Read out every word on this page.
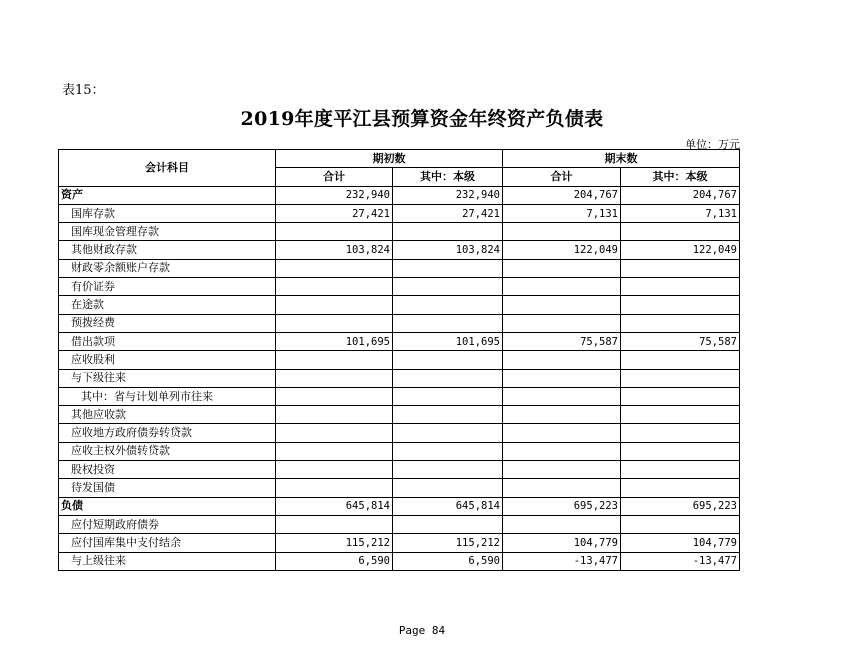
表15：
2019年度平江县预算资金年终资产负债表
单位：万元
会计科目	期初数		期末数	
	合计	其中：本级	合计	其中：本级
资产	232,940	232,940	204,767	204,767
国库存款	27,421	27,421	7,131	7,131
国库现金管理存款				
其他财政存款	103,824	103,824	122,049	122,049
财政零余额账户存款				
有价证券				
在途款				
预拨经费				
借出款项	101,695	101,695	75,587	75,587
应收股利				
与下级往来				
其中：省与计划单列市往来				
其他应收款				
应收地方政府债券转贷款				
应收主权外债转贷款				
股权投资				
待发国债				
负债	645,814	645,814	695,223	695,223
应付短期政府债券				
应付国库集中支付结余	115,212	115,212	104,779	104,779
与上级往来	6,590	6,590	-13,477	-13,477
Page 84
